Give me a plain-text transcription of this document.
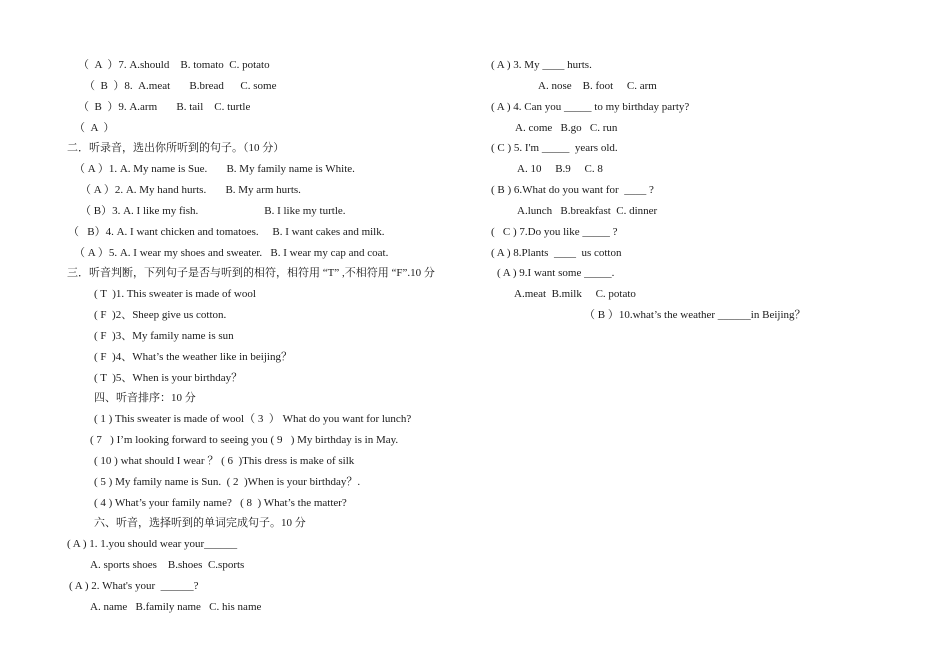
（  A  ）7. A.should    B. tomato  C. potato
（  B  ）8.  A.meat       B.bread      C. some
（  B  ）9. A.arm       B. tail    C. turtle
（  A  ）
二．听录音，选出你所听到的句子。（10 分）
（ A ）1. A. My name is Sue.       B. My family name is White.
（ A ）2. A. My hand hurts.       B. My arm hurts.
（ B）3. A. I like my fish.                        B. I like my turtle.
（   B）4. A. I want chicken and tomatoes.     B. I want cakes and milk.
（ A ）5. A. I wear my shoes and sweater.   B. I wear my cap and coat.
三．听音判断，下列句子是否与听到的相符，相符用 “T” ,不相符用 “F”.10 分
( T  )1. This sweater is made of wool
( F  )2、Sheep give us cotton.
( F  )3、My family name is sun
( F  )4、What’s the weather like in beijing？
( T  )5、When is your birthday？
四、听音排序：10 分
( 1 ) This sweater is made of wool（ 3  ） What do you want for lunch?
( 7   ) I’m looking forward to seeing you ( 9   ) My birthday is in May.
( 10 ) what should I wear ？ ( 6  )This dress is make of silk
( 5 ) My family name is Sun.  ( 2  )When is your birthday？.
( 4 ) What’s your family name?   ( 8  ) What’s the matter?
六、听音，选择听到的单词完成句子。10 分
( A ) 1. 1.you should wear your______
A. sports shoes    B.shoes  C.sports
( A ) 2. What's your  ______?
A. name   B.family name   C. his name
( A ) 3. My ____ hurts.
A. nose    B. foot     C. arm
( A ) 4. Can you _____ to my birthday party?
A. come   B.go   C. run
( C ) 5. I'm _____  years old.
A. 10     B.9     C. 8
( B ) 6.What do you want for  ____ ?
A.lunch   B.breakfast  C. dinner
(   C ) 7.Do you like _____ ?
( A ) 8.Plants  ____  us cotton
( A ) 9.I want some _____.
A.meat  B.milk     C. potato
（ B ）10.what’s the weather ______in Beijing？
